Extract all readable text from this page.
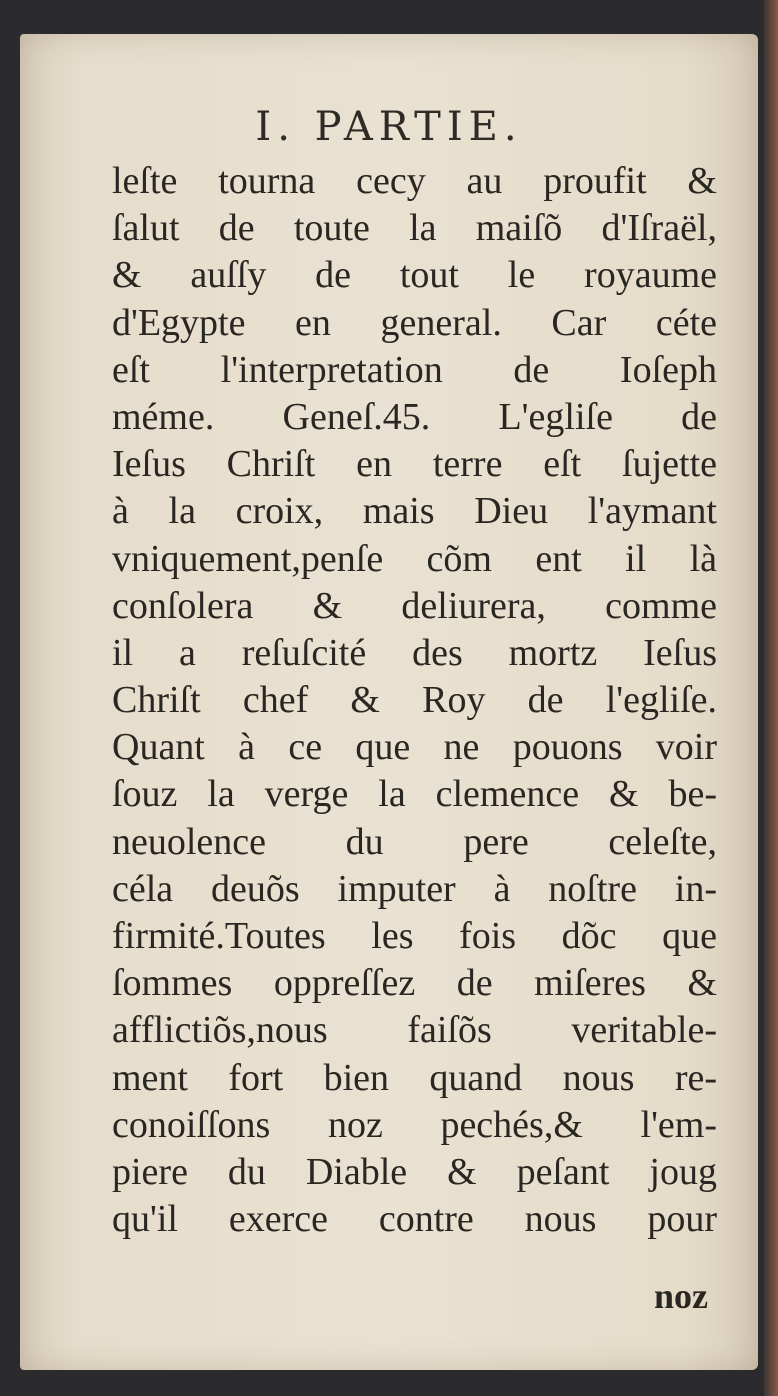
I. PARTIE.
leſte tourna cecy au proufit &
ſalut de toute la maiſõ d'Iſraël,
& auſſy de tout le royaume
d'Egypte en general. Car céte
eſt l'interpretation de Ioſeph
méme. Geneſ.45. L'egliſe de
Ieſus Chriſt en terre eſt ſujette
à la croix, mais Dieu l'aymant
vniquement,penſe cõm ent il là
conſolera & deliurera, comme
il a reſuſcité des mortz Ieſus
Chriſt chef & Roy de l'egliſe.
Quant à ce que ne pouons voir
ſouz la verge la clemence & be-
neuolence du pere celeſte,
céla deuõs imputer à noſtre in-
firmité.Toutes les fois dõc que
ſommes oppreſſez de miſeres &
afflictiõs,nous faiſõs veritable-
ment fort bien quand nous re-
conoiſſons noz pechés,& l'em-
piere du Diable & peſant joug
qu'il exerce contre nous pour
noz
